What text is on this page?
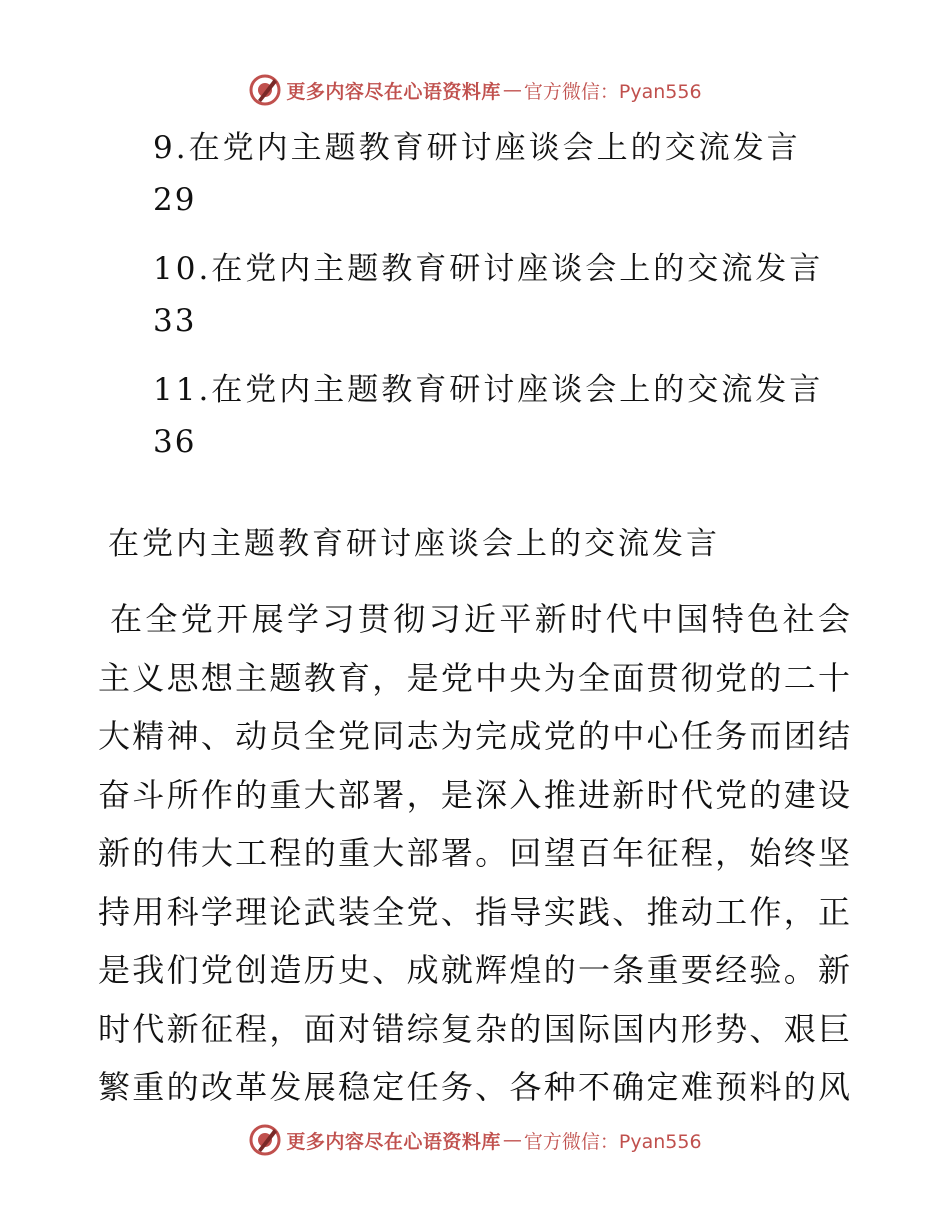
更多内容尽在心语资料库 — 官方微信：Pyan556
9.在党内主题教育研讨座谈会上的交流发言
29
10.在党内主题教育研讨座谈会上的交流发言
33
11.在党内主题教育研讨座谈会上的交流发言
36
在党内主题教育研讨座谈会上的交流发言
在全党开展学习贯彻习近平新时代中国特色社会
主义思想主题教育，是党中央为全面贯彻党的二十
大精神、动员全党同志为完成党的中心任务而团结
奋斗所作的重大部署，是深入推进新时代党的建设
新的伟大工程的重大部署。回望百年征程，始终坚
持用科学理论武装全党、指导实践、推动工作，正
是我们党创造历史、成就辉煌的一条重要经验。新
时代新征程，面对错综复杂的国际国内形势、艰巨
繁重的改革发展稳定任务、各种不确定难预料的风
更多内容尽在心语资料库 — 官方微信：Pyan556
